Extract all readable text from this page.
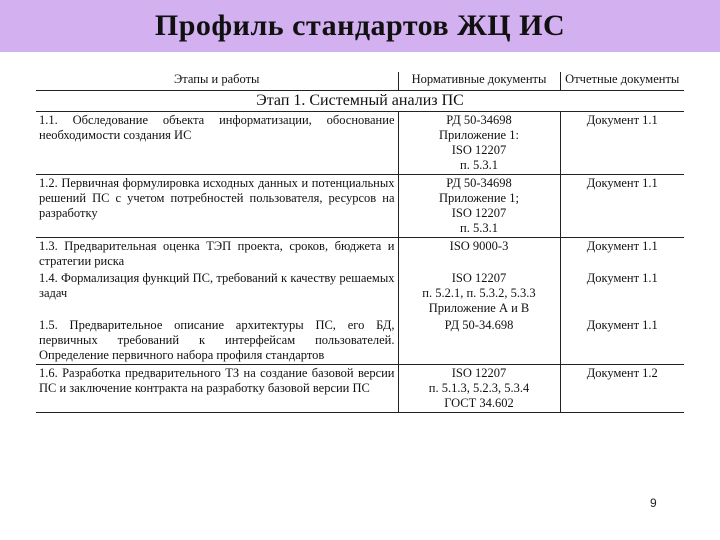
Профиль стандартов ЖЦ ИС
Этапы и работы	Нормативные документы	Отчетные документы
Этап 1. Системный анализ ПС		
1.1. Обследование объекта информатизации, обоснование необходимости создания ИС	РД 50-34698
Приложение 1:
ISO 12207
п. 5.3.1	Документ 1.1
1.2. Первичная формулировка исходных данных и потенциальных решений ПС с учетом потребностей пользователя, ресурсов на разработку	РД 50-34698
Приложение 1;
ISO 12207
п. 5.3.1	Документ 1.1
1.3. Предварительная оценка ТЭП проекта, сроков, бюджета и стратегии риска	ISO 9000-3	Документ 1.1
1.4. Формализация функций ПС, требований к качеству решаемых задач	ISO 12207
п. 5.2.1, п. 5.3.2, 5.3.3
Приложение А и В	Документ 1.1
1.5. Предварительное описание архитектуры ПС, его БД, первичных требований к интерфейсам пользователей. Определение первичного набора профиля стандартов	РД 50-34.698	Документ 1.1
1.6. Разработка предварительного ТЗ на создание базовой версии ПС и заключение контракта на разработку базовой версии ПС	ISO 12207
п. 5.1.3, 5.2.3, 5.3.4
ГОСТ 34.602	Документ 1.2
9
